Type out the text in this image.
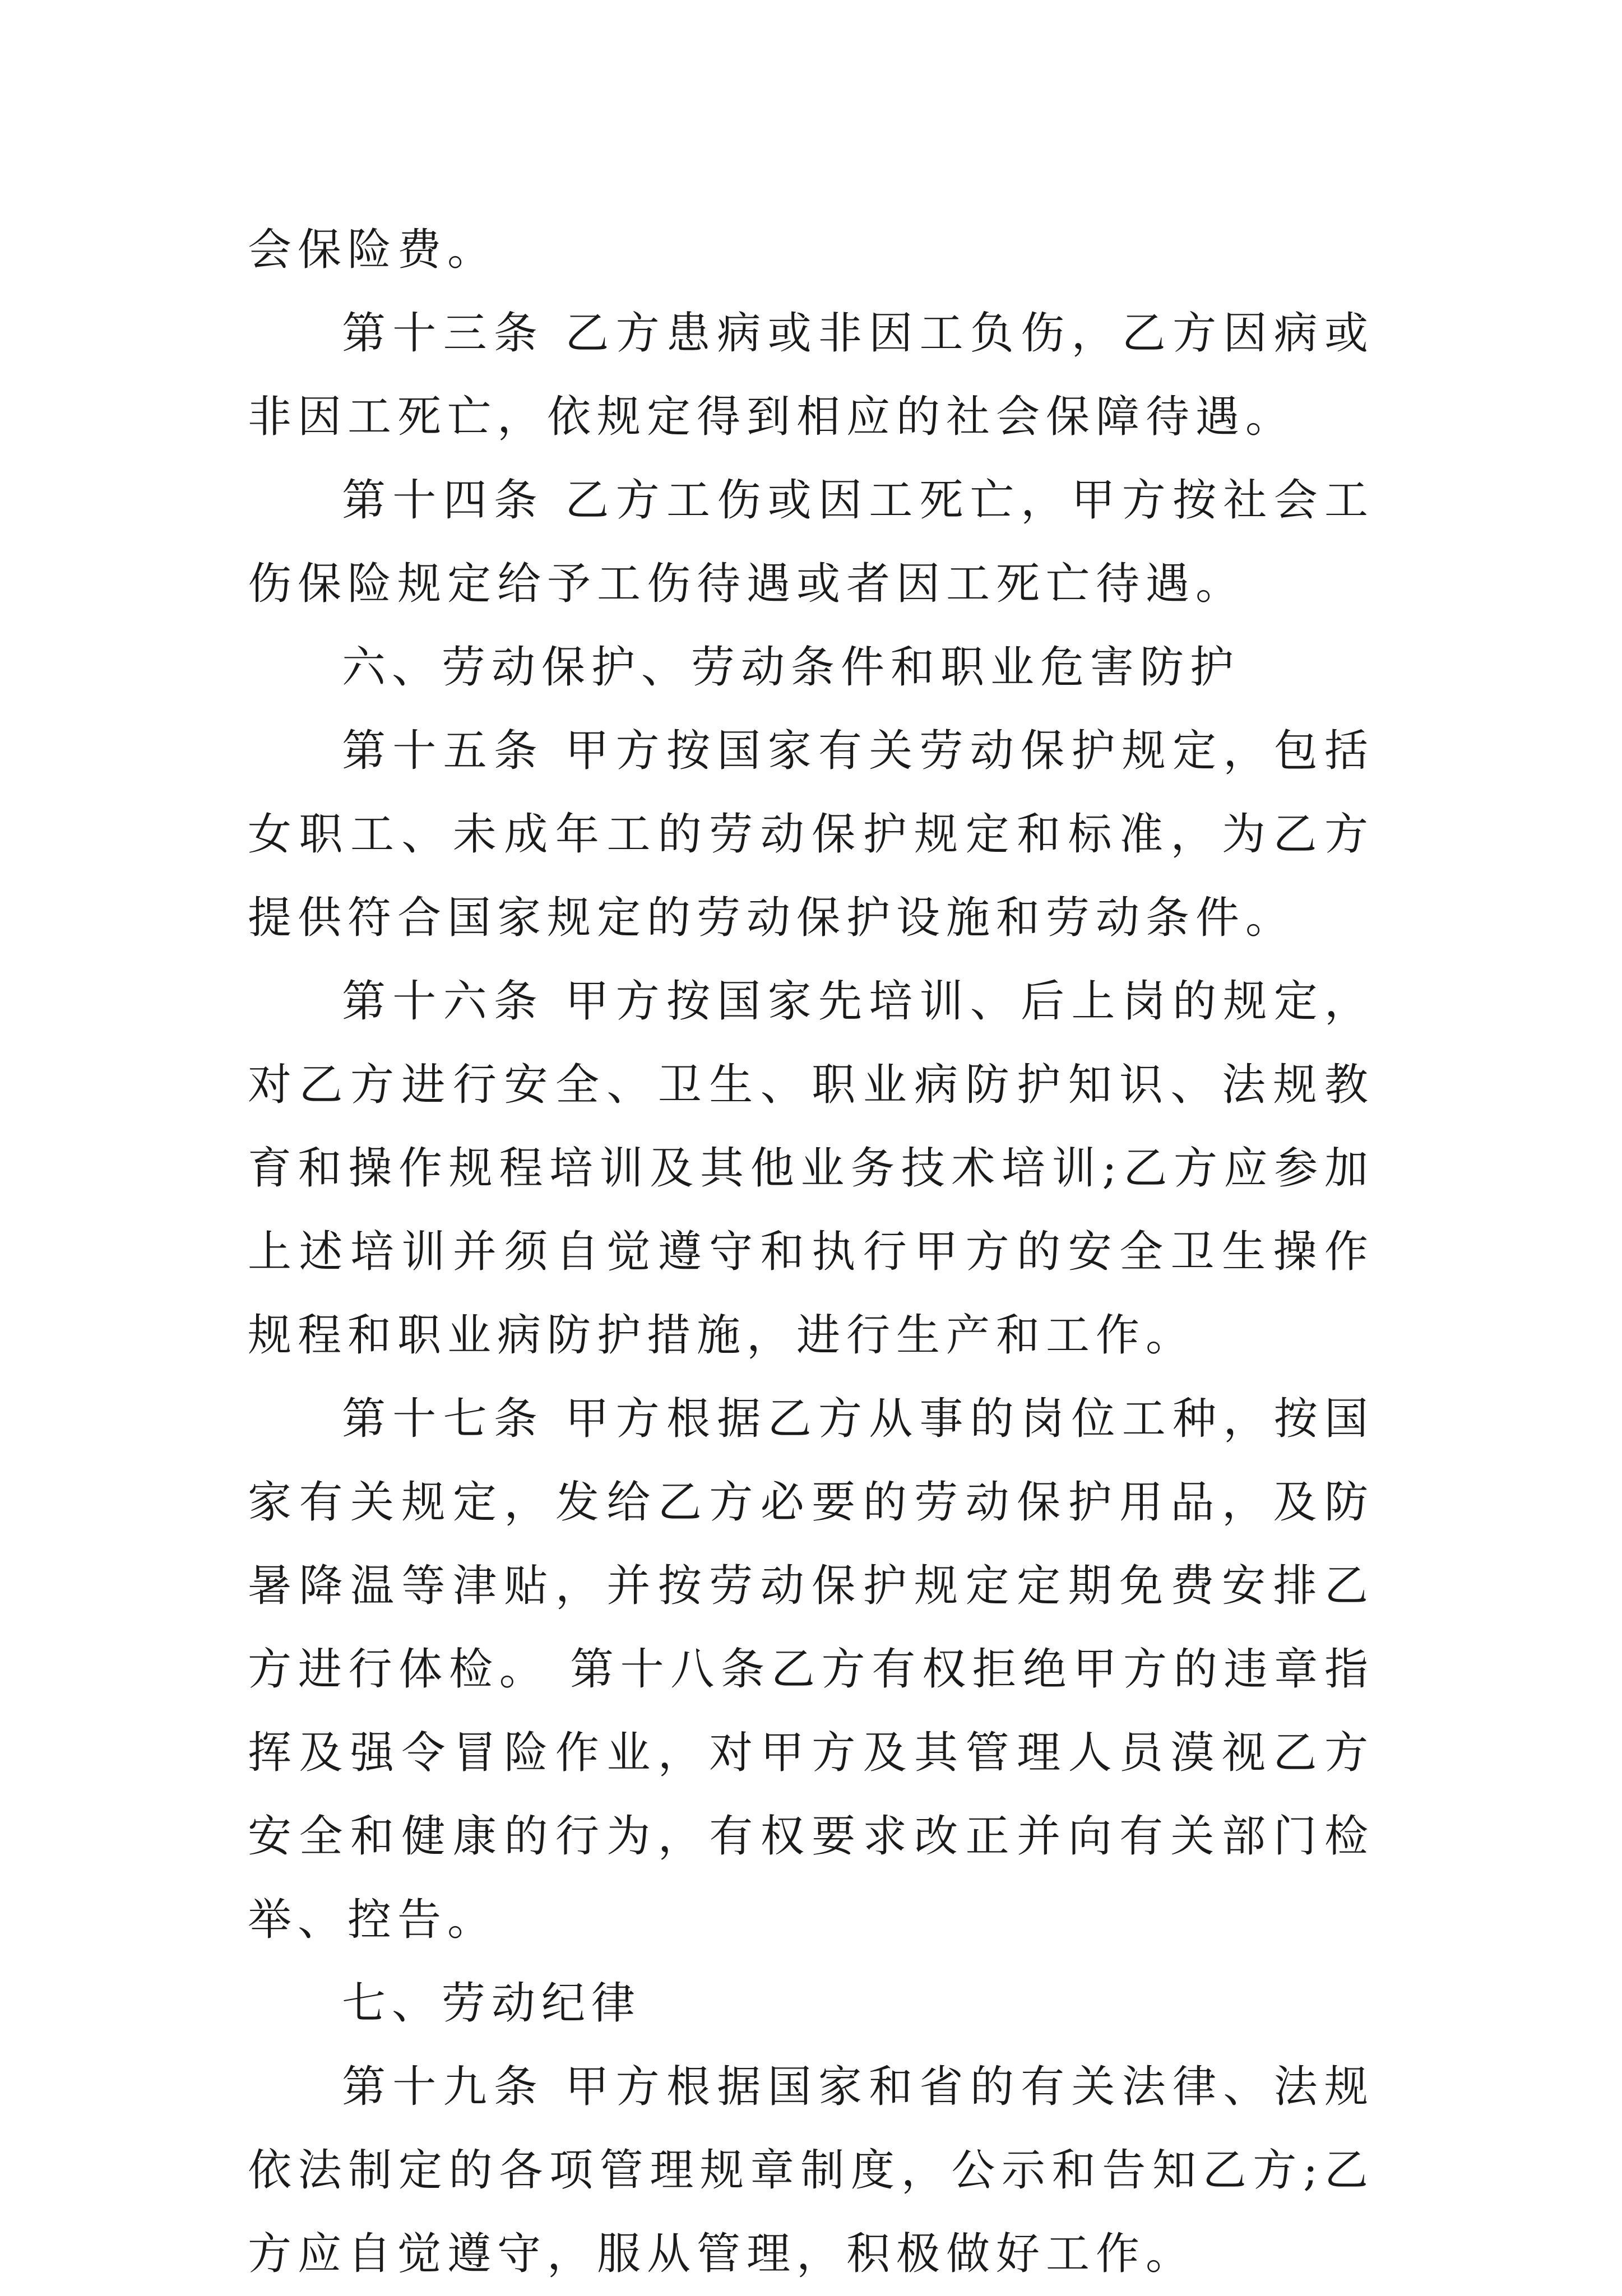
会保险费。

第十三条 乙方患病或非因工负伤，乙方因病或非因工死亡，依规定得到相应的社会保障待遇。

第十四条 乙方工伤或因工死亡，甲方按社会工伤保险规定给予工伤待遇或者因工死亡待遇。

六、劳动保护、劳动条件和职业危害防护

第十五条 甲方按国家有关劳动保护规定，包括女职工、未成年工的劳动保护规定和标准，为乙方提供符合国家规定的劳动保护设施和劳动条件。

第十六条 甲方按国家先培训、后上岗的规定，对乙方进行安全、卫生、职业病防护知识、法规教育和操作规程培训及其他业务技术培训;乙方应参加上述培训并须自觉遵守和执行甲方的安全卫生操作规程和职业病防护措施，进行生产和工作。

第十七条 甲方根据乙方从事的岗位工种，按国家有关规定，发给乙方必要的劳动保护用品，及防暑降温等津贴，并按劳动保护规定定期免费安排乙方进行体检。 第十八条乙方有权拒绝甲方的违章指挥及强令冒险作业，对甲方及其管理人员漠视乙方安全和健康的行为，有权要求改正并向有关部门检举、控告。

七、劳动纪律

第十九条 甲方根据国家和省的有关法律、法规依法制定的各项管理规章制度，公示和告知乙方;乙方应自觉遵守，服从管理，积极做好工作。
